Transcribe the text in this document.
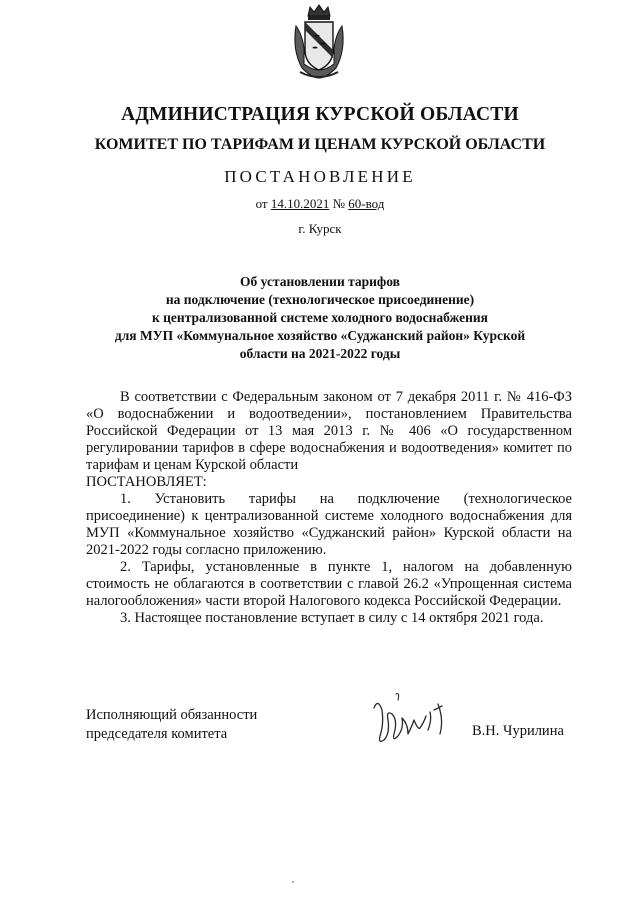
АДМИНИСТРАЦИЯ КУРСКОЙ ОБЛАСТИ
КОМИТЕТ ПО ТАРИФАМ И ЦЕНАМ КУРСКОЙ ОБЛАСТИ
ПОСТАНОВЛЕНИЕ
от 14.10.2021 № 60-вод
г. Курск
Об установлении тарифов
на подключение (технологическое присоединение)
к централизованной системе холодного водоснабжения
для МУП «Коммунальное хозяйство «Суджанский район» Курской
области на 2021-2022 годы

В соответствии с Федеральным законом от 7 декабря 2011 г. № 416-ФЗ «О водоснабжении и водоотведении», постановлением Правительства Российской Федерации от 13 мая 2013 г. № 406 «О государственном регулировании тарифов в сфере водоснабжения и водоотведения» комитет по тарифам и ценам Курской области

ПОСТАНОВЛЯЕТ:

1. Установить тарифы на подключение (технологическое присоединение) к централизованной системе холодного водоснабжения для МУП «Коммунальное хозяйство «Суджанский район» Курской области на 2021-2022 годы согласно приложению.

2. Тарифы, установленные в пункте 1, налогом на добавленную стоимость не облагаются в соответствии с главой 26.2 «Упрощенная система налогообложения» части второй Налогового кодекса Российской Федерации.

3. Настоящее постановление вступает в силу с 14 октября 2021 года.

Исполняющий обязанности
председателя комитета	В.Н. Чурилина
